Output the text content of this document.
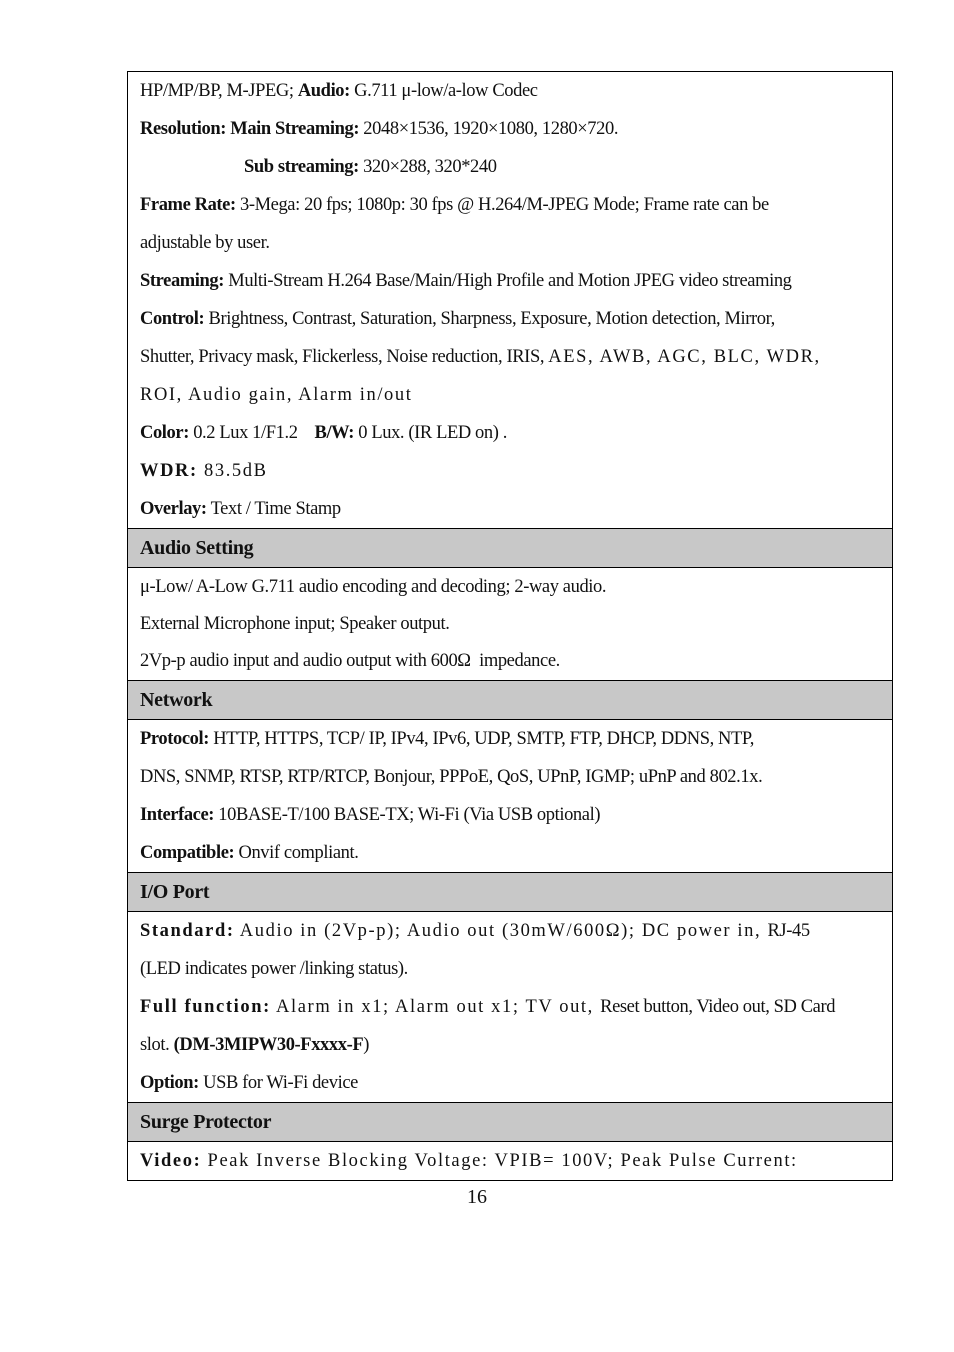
HP/MP/BP, M-JPEG; Audio: G.711 μ-low/a-low Codec
Resolution: Main Streaming: 2048×1536, 1920×1080, 1280×720.
Sub streaming: 320×288, 320*240
Frame Rate: 3-Mega: 20 fps; 1080p: 30 fps @ H.264/M-JPEG Mode; Frame rate can be
adjustable by user.
Streaming: Multi-Stream H.264 Base/Main/High Profile and Motion JPEG video streaming
Control: Brightness, Contrast, Saturation, Sharpness, Exposure, Motion detection, Mirror,
Shutter, Privacy mask, Flickerless, Noise reduction, IRIS, AES, AWB, AGC, BLC, WDR,
ROI, Audio gain, Alarm in/out
Color: 0.2 Lux 1/F1.2    B/W: 0 Lux. (IR LED on) .
WDR: 83.5dB
Overlay: Text / Time Stamp
Audio Setting
μ-Low/ A-Low G.711 audio encoding and decoding; 2-way audio.
External Microphone input; Speaker output.
2Vp-p audio input and audio output with 600Ω  impedance.
Network
Protocol: HTTP, HTTPS, TCP/ IP, IPv4, IPv6, UDP, SMTP, FTP, DHCP, DDNS, NTP,
DNS, SNMP, RTSP, RTP/RTCP, Bonjour, PPPoE, QoS, UPnP, IGMP; uPnP and 802.1x.
Interface: 10BASE-T/100 BASE-TX; Wi-Fi (Via USB optional)
Compatible: Onvif compliant.
I/O Port
Standard: Audio in (2Vp-p); Audio out (30mW/600Ω); DC power in, RJ-45
(LED indicates power /linking status).
Full function: Alarm in x1; Alarm out x1; TV out, Reset button, Video out, SD Card
slot. (DM-3MIPW30-Fxxxx-F)
Option: USB for Wi-Fi device
Surge Protector
Video: Peak Inverse Blocking Voltage: VPIB= 100V; Peak Pulse Current:
16
